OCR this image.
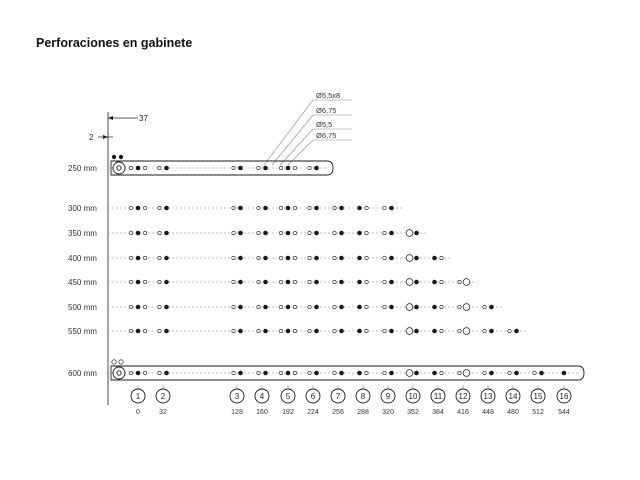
Perforaciones en gabinete
37
2
Ø5,5x8
Ø6,75
Ø5,5
Ø6,75
250 mm
300 mm
350 mm
400 mm
450 mm
500 mm
550 mm
600 mm
1
0
2
32
3
128
4
160
5
192
6
224
7
256
8
288
9
320
10
352
11
384
12
416
13
448
14
480
15
512
16
544
